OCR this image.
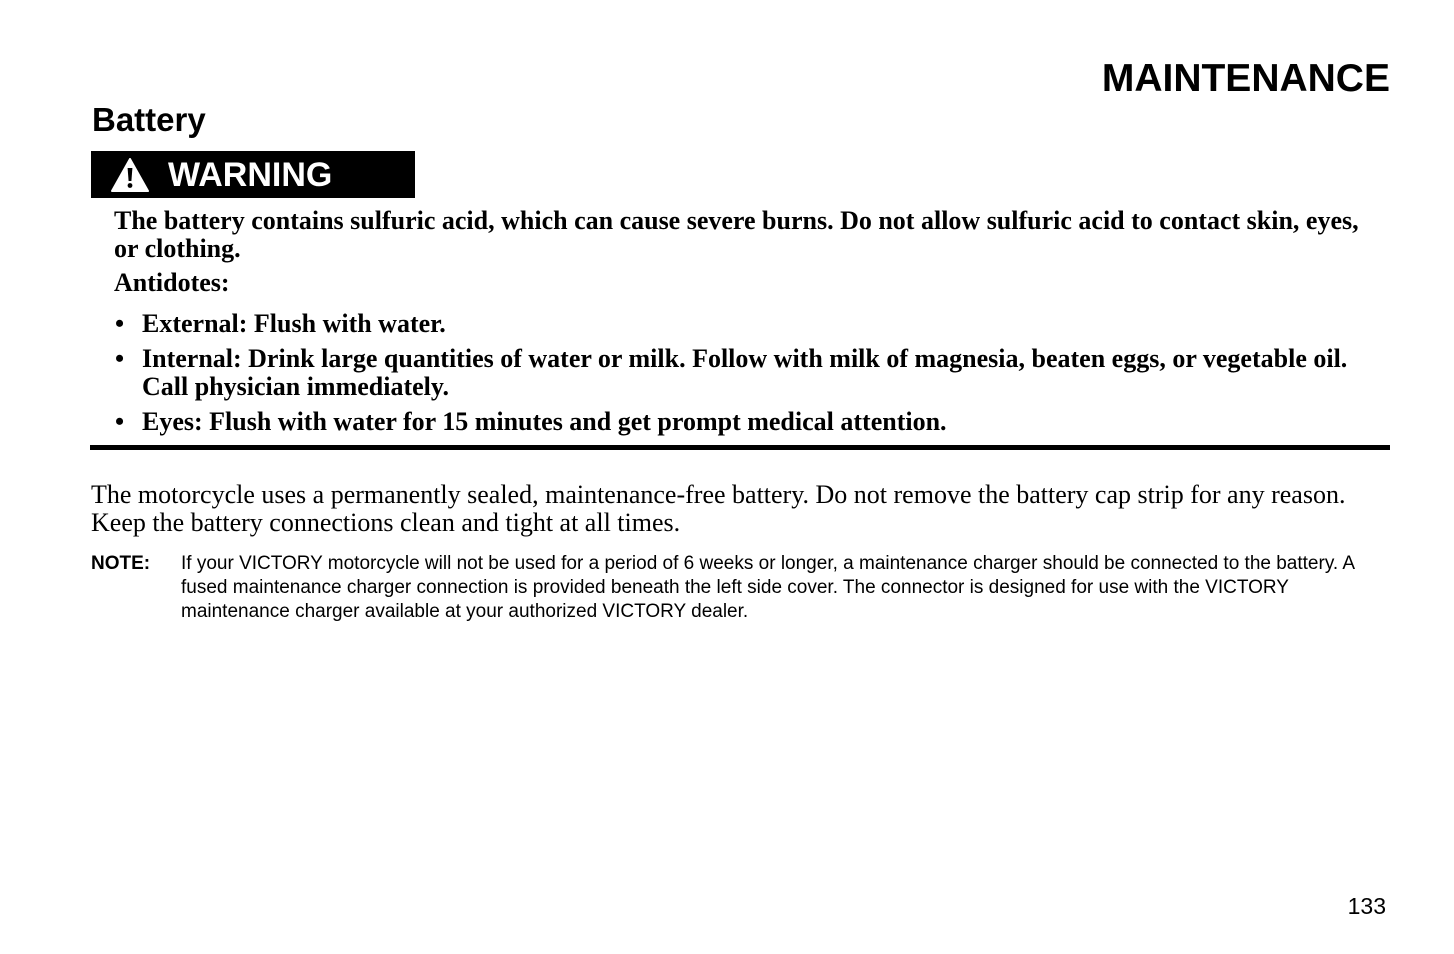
MAINTENANCE
Battery
WARNING

The battery contains sulfuric acid, which can cause severe burns. Do not allow sulfuric acid to contact skin, eyes, or clothing.

Antidotes:

• External: Flush with water.
• Internal: Drink large quantities of water or milk. Follow with milk of magnesia, beaten eggs, or vegetable oil. Call physician immediately.
• Eyes: Flush with water for 15 minutes and get prompt medical attention.

The motorcycle uses a permanently sealed, maintenance-free battery. Do not remove the battery cap strip for any reason. Keep the battery connections clean and tight at all times.

NOTE: If your VICTORY motorcycle will not be used for a period of 6 weeks or longer, a maintenance charger should be connected to the battery. A fused maintenance charger connection is provided beneath the left side cover. The connector is designed for use with the VICTORY maintenance charger available at your authorized VICTORY dealer.

133
